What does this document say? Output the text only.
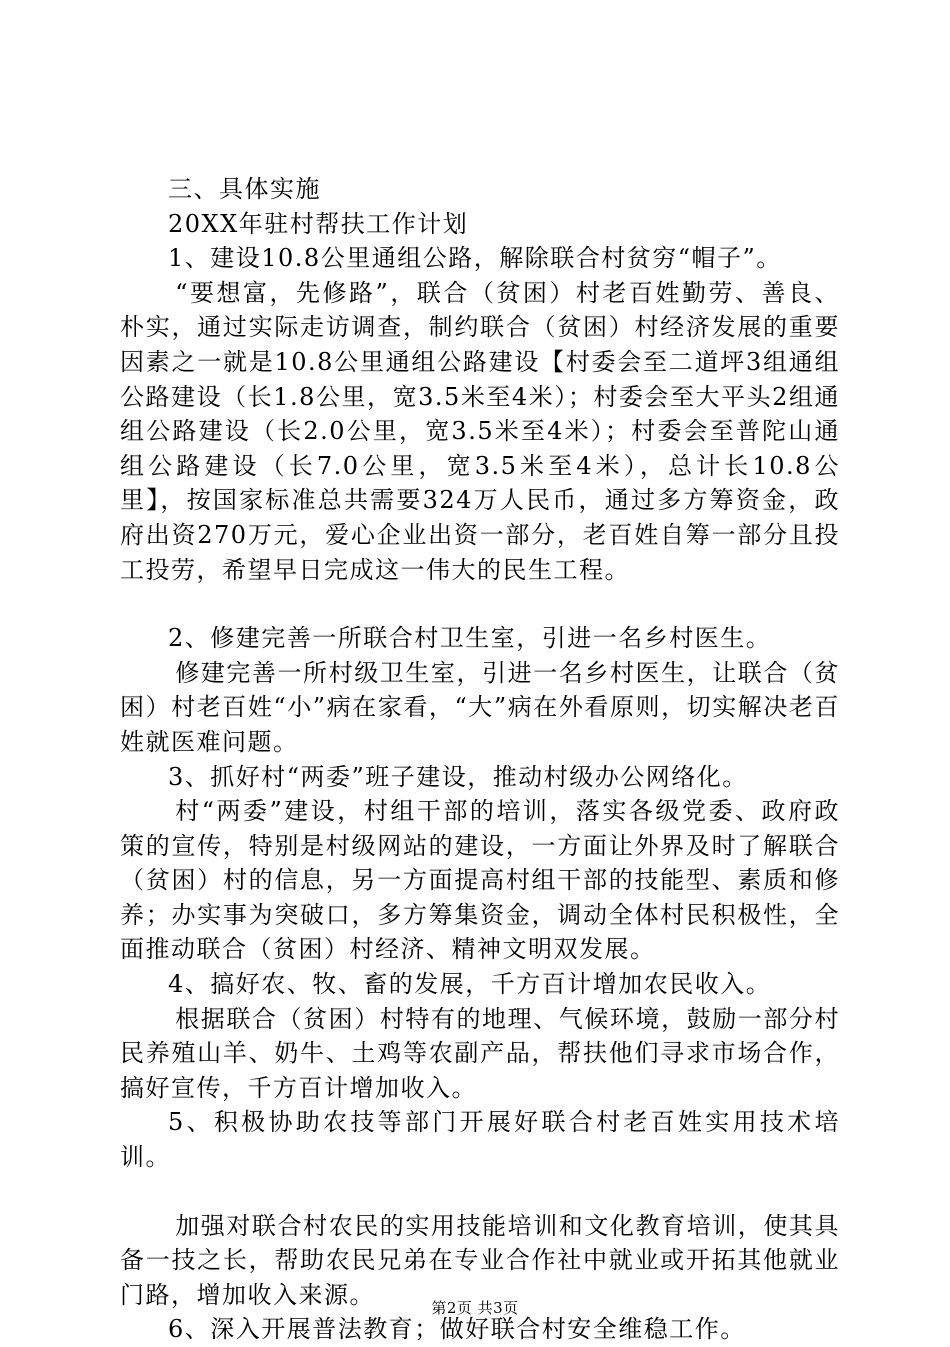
三、具体实施

20XX年驻村帮扶工作计划

1、建设10.8公里通组公路，解除联合村贫穷“帽子”。

“要想富，先修路”，联合（贫困）村老百姓勤劳、善良、朴实，通过实际走访调查，制约联合（贫困）村经济发展的重要因素之一就是10.8公里通组公路建设【村委会至二道坪3组通组公路建设（长1.8公里，宽3.5米至4米）；村委会至大平头2组通组公路建设（长2.0公里，宽3.5米至4米）；村委会至普陀山通组公路建设（长7.0公里，宽3.5米至4米），总计长10.8公里】，按国家标准总共需要324万人民币，通过多方筹资金，政府出资270万元，爱心企业出资一部分，老百姓自筹一部分且投工投劳，希望早日完成这一伟大的民生工程。

2、修建完善一所联合村卫生室，引进一名乡村医生。

修建完善一所村级卫生室，引进一名乡村医生，让联合（贫困）村老百姓“小”病在家看，“大”病在外看原则，切实解决老百姓就医难问题。

3、抓好村“两委”班子建设，推动村级办公网络化。

村“两委”建设，村组干部的培训，落实各级党委、政府政策的宣传，特别是村级网站的建设，一方面让外界及时了解联合（贫困）村的信息，另一方面提高村组干部的技能型、素质和修养；办实事为突破口，多方筹集资金，调动全体村民积极性，全面推动联合（贫困）村经济、精神文明双发展。

4、搞好农、牧、畜的发展，千方百计增加农民收入。

根据联合（贫困）村特有的地理、气候环境，鼓励一部分村民养殖山羊、奶牛、土鸡等农副产品，帮扶他们寻求市场合作，搞好宣传，千方百计增加收入。

5、积极协助农技等部门开展好联合村老百姓实用技术培训。

加强对联合村农民的实用技能培训和文化教育培训，使其具备一技之长，帮助农民兄弟在专业合作社中就业或开拓其他就业门路，增加收入来源。

6、深入开展普法教育；做好联合村安全维稳工作。

第2页 共3页
